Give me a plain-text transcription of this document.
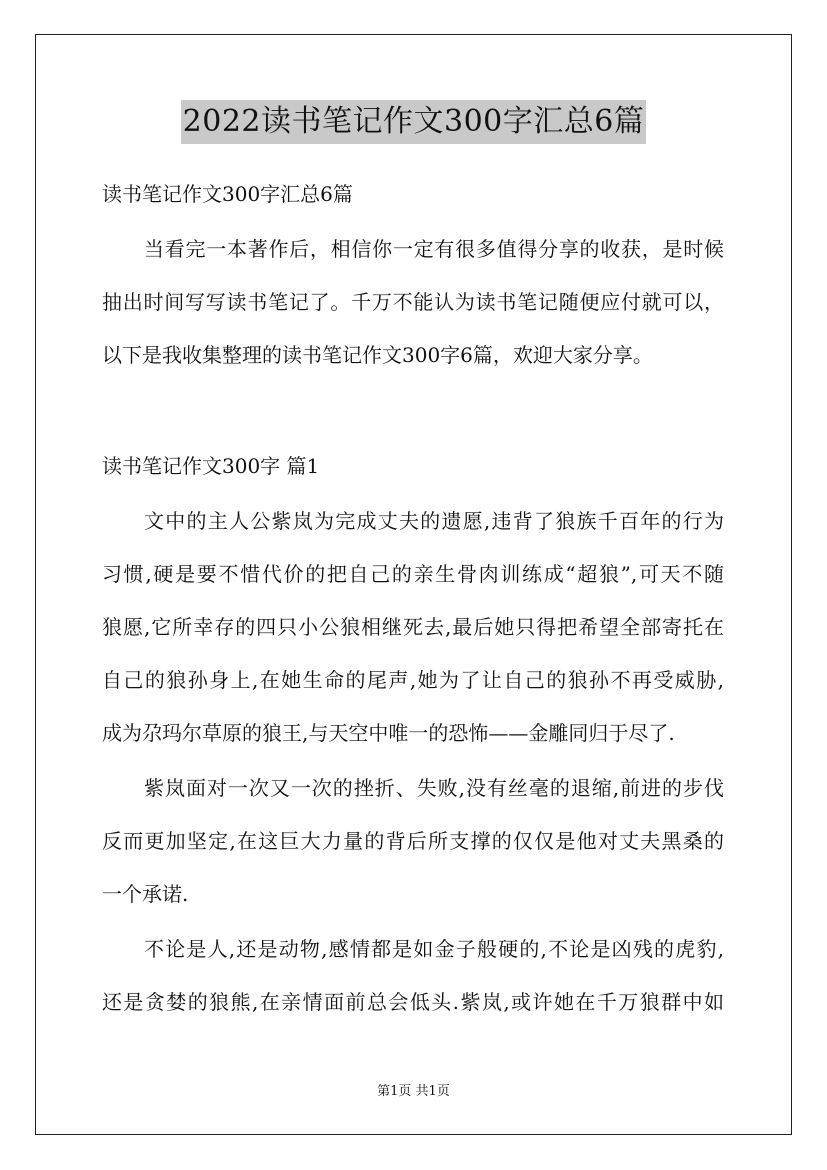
2022读书笔记作文300字汇总6篇
读书笔记作文300字汇总6篇
当看完一本著作后，相信你一定有很多值得分享的收获，是时候
抽出时间写写读书笔记了。千万不能认为读书笔记随便应付就可以，
以下是我收集整理的读书笔记作文300字6篇，欢迎大家分享。
读书笔记作文300字 篇1
文中的主人公紫岚为完成丈夫的遗愿,违背了狼族千百年的行为
习惯,硬是要不惜代价的把自己的亲生骨肉训练成“超狼”,可天不随
狼愿,它所幸存的四只小公狼相继死去,最后她只得把希望全部寄托在
自己的狼孙身上,在她生命的尾声,她为了让自己的狼孙不再受威胁,
成为尕玛尔草原的狼王,与天空中唯一的恐怖——金雕同归于尽了.
紫岚面对一次又一次的挫折、失败,没有丝毫的退缩,前进的步伐
反而更加坚定,在这巨大力量的背后所支撑的仅仅是他对丈夫黑桑的
一个承诺.
不论是人,还是动物,感情都是如金子般硬的,不论是凶残的虎豹,
还是贪婪的狼熊,在亲情面前总会低头.紫岚,或许她在千万狼群中如
第1页 共1页
